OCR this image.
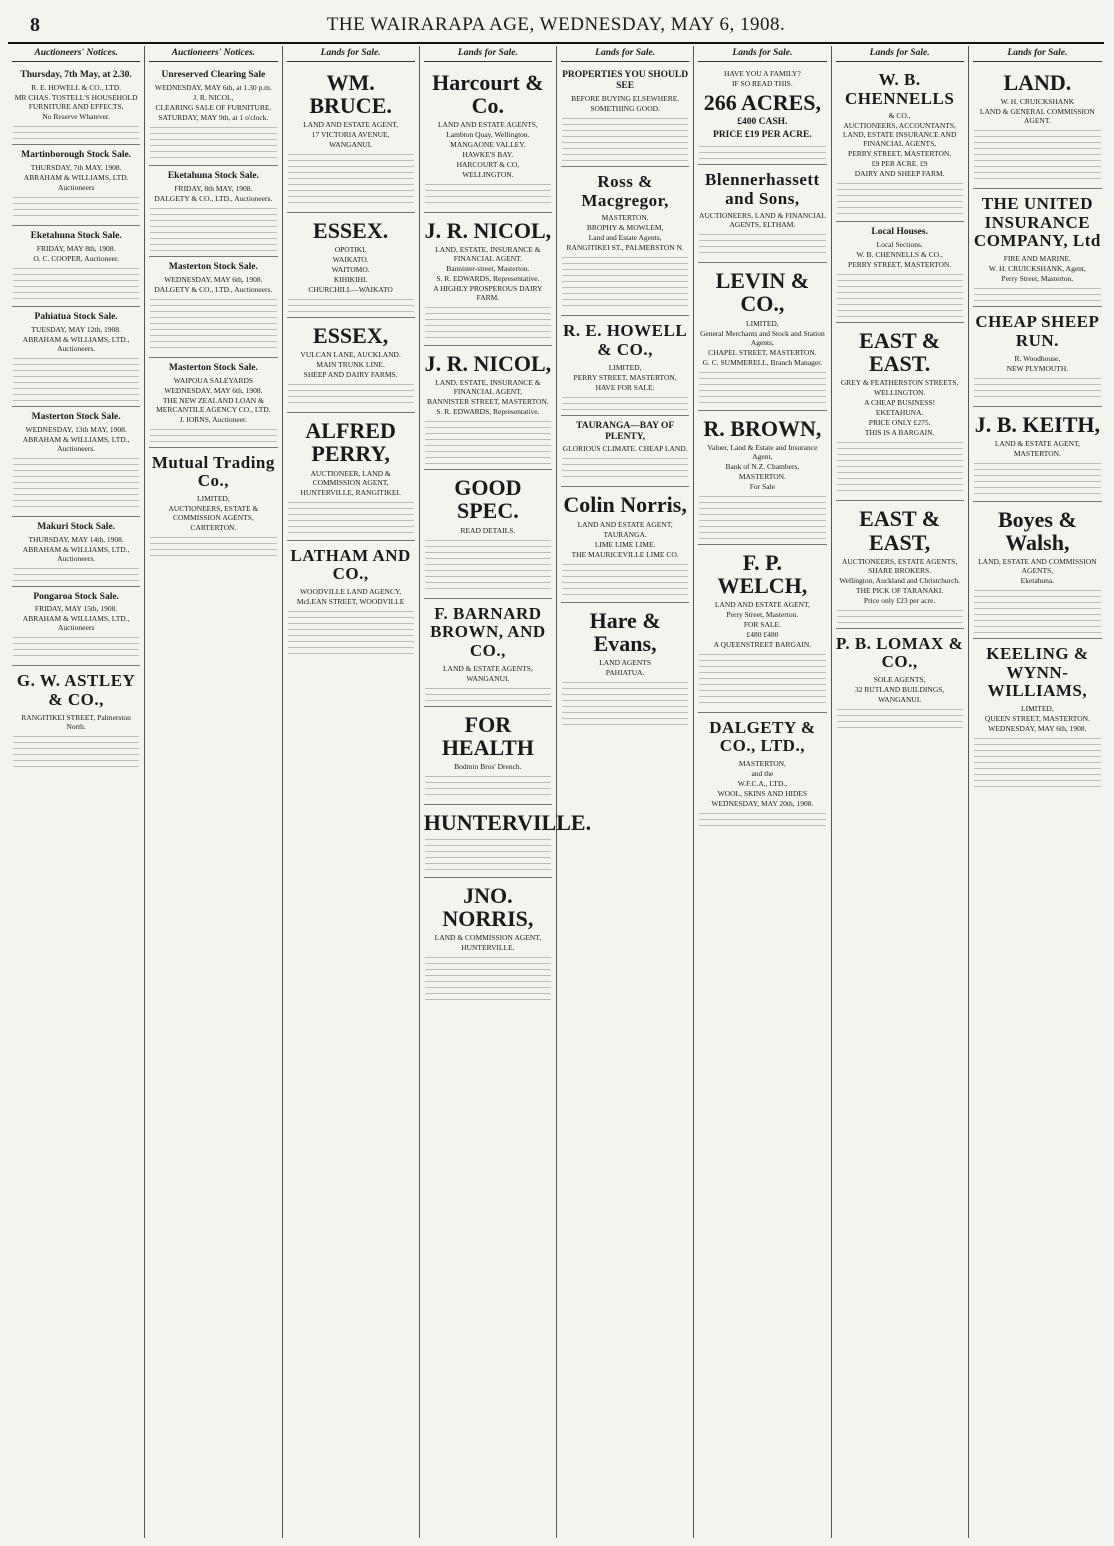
8	THE WAIRARAPA AGE, WEDNESDAY, MAY 6, 1908.
Auctioneers' Notices.
Thursday, 7th May, at 2.30.
R. E. HOWELL & CO., LTD.
MR CHAS. TOSTELL'S HOUSEHOLD FURNITURE AND EFFECTS,
No Reserve Whatever.
Martinborough Stock Sale.
THURSDAY, 7th MAY, 1908.
ABRAHAM & WILLIAMS, LTD.
Auctioneers
Eketahuna Stock Sale.
FRIDAY, MAY 8th, 1908.
O. C. COOPER, Auctioneer.
Pahiatua Stock Sale.
TUESDAY, MAY 12th, 1908.
ABRAHAM & WILLIAMS, LTD., Auctioneers.
Masterton Stock Sale.
WEDNESDAY, 13th MAY, 1908.
ABRAHAM & WILLIAMS, LTD., Auctioneers.
Makuri Stock Sale.
THURSDAY, MAY 14th, 1908.
ABRAHAM & WILLIAMS, LTD., Auctioneers.
Pongaroa Stock Sale.
FRIDAY, MAY 15th, 1908.
ABRAHAM & WILLIAMS, LTD., Auctioneers
G. W. ASTLEY & CO.,
RANGITIKEI STREET, Palmerston North.
Auctioneers' Notices.
Unreserved Clearing Sale
WEDNESDAY, MAY 6th, at 1.30 p.m.
J. R. NICOL,
CLEARING SALE OF FURNITURE.
SATURDAY, MAY 9th, at 1 o'clock.
Eketahuna Stock Sale.
FRIDAY, 8th MAY, 1908.
DALGETY & CO., LTD., Auctioneers.
Masterton Stock Sale.
WEDNESDAY, MAY 6th, 1908.
DALGETY & CO., LTD., Auctioneers.
Masterton Stock Sale.
WAIPOUA SALEYARDS
WEDNESDAY, MAY 6th, 1908.
THE NEW ZEALAND LOAN & MERCANTILE AGENCY CO., LTD.
J. IORNS, Auctioneer.
Mutual Trading Co.,
LIMITED,
AUCTIONEERS, ESTATE & COMMISSION AGENTS,
CARTERTON.
Lands for Sale.
WM. BRUCE.
LAND AND ESTATE AGENT,
17 VICTORIA AVENUE,
WANGANUI.
ESSEX.
OPOTIKI.
WAIKATO.
WAITOMO.
KIHIKIHI.
CHURCHILL—WAIKATO
ESSEX,
VULCAN LANE, AUCKLAND.
MAIN TRUNK LINE.
SHEEP AND DAIRY FARMS.
ALFRED PERRY,
AUCTIONEER, LAND & COMMISSION AGENT,
HUNTERVILLE, RANGITIKEI.
LATHAM AND CO.,
WOODVILLE LAND AGENCY,
McLEAN STREET, WOODVILLE
Lands for Sale.
Harcourt & Co.
LAND AND ESTATE AGENTS,
Lambton Quay, Wellington.
MANGAONE VALLEY.
HAWKE'S BAY.
HARCOURT & CO,
WELLINGTON.
J. R. NICOL,
LAND, ESTATE, INSURANCE & FINANCIAL AGENT.
Bannister-street, Masterton.
S. R. EDWARDS, Representative.
A HIGHLY PROSPEROUS DAIRY FARM.
J. R. NICOL,
LAND, ESTATE, INSURANCE & FINANCIAL AGENT,
BANNISTER STREET, MASTERTON.
S. R. EDWARDS, Representative.
GOOD SPEC.
READ DETAILS.
F. BARNARD BROWN, AND CO.,
LAND & ESTATE AGENTS,
WANGANUI.
FOR HEALTH
Bodmin Bros' Drench.
HUNTERVILLE.
JNO. NORRIS,
LAND & COMMISSION AGENT,
HUNTERVILLE.
Lands for Sale.
PROPERTIES YOU SHOULD SEE
BEFORE BUYING ELSEWHERE.
SOMETHING GOOD.
Ross & Macgregor,
MASTERTON.
BROPHY & MOWLEM,
Land and Estate Agents,
RANGITIKEI ST., PALMERSTON N.
R. E. HOWELL & CO.,
LIMITED,
PERRY STREET, MASTERTON,
HAVE FOR SALE:
TAURANGA—BAY OF PLENTY,
GLORIOUS CLIMATE. CHEAP LAND.
Colin Norris,
LAND AND ESTATE AGENT,
TAURANGA.
LIME LIME LIME.
THE MAURICEVILLE LIME CO.
Hare & Evans,
LAND AGENTS
PAHIATUA.
Lands for Sale.
HAVE YOU A FAMILY?
IF SO READ THIS.
266 ACRES,
£400 CASH.
PRICE £19 PER ACRE.
Blennerhassett and Sons,
AUCTIONEERS, LAND & FINANCIAL AGENTS, ELTHAM.
LEVIN & CO.,
LIMITED,
General Merchants and Stock and Station Agents,
CHAPEL STREET, MASTERTON.
G. C. SUMMERELL, Branch Manager.
R. BROWN,
Valuer, Land & Estate and Insurance Agent,
Bank of N.Z. Chambers,
MASTERTON.
For Sale
F. P. WELCH,
LAND AND ESTATE AGENT,
Perry Street, Masterton.
FOR SALE.
£480 £480
A QUEENSTREET BARGAIN.
DALGETY & CO., LTD.,
MASTERTON,
and the
W.F.C.A., LTD.,
WOOL, SKINS AND HIDES
WEDNESDAY, MAY 20th, 1908.
Lands for Sale.
W. B. CHENNELLS
& CO.,
AUCTIONEERS, ACCOUNTANTS, LAND, ESTATE INSURANCE AND FINANCIAL AGENTS,
PERRY STREET, MASTERTON.
£9 PER ACRE. £9
DAIRY AND SHEEP FARM.
Local Houses.
Local Sections.
W. B. CHENNELLS & CO.,
PERRY STREET, MASTERTON.
EAST & EAST.
GREY & FEATHERSTON STREETS,
WELLINGTON.
A CHEAP BUSINESS!
EKETAHUNA.
PRICE ONLY £275.
THIS IS A BARGAIN.
EAST & EAST,
AUCTIONEERS, ESTATE AGENTS, SHARE BROKERS.
Wellington, Auckland and Christchurch.
THE PICK OF TARANAKI.
Price only £23 per acre.
P. B. LOMAX & CO.,
SOLE AGENTS,
32 RUTLAND BUILDINGS,
WANGANUI.
Lands for Sale.
LAND.
W. H. CRUICKSHANK
LAND & GENERAL COMMISSION AGENT.
THE UNITED INSURANCE COMPANY, Ltd
FIRE AND MARINE.
W. H. CRUICKSHANK, Agent,
Perry Street, Masterton.
CHEAP SHEEP RUN.
R. Woodhouse,
NEW PLYMOUTH.
J. B. KEITH,
LAND & ESTATE AGENT,
MASTERTON.
Boyes & Walsh,
LAND, ESTATE AND COMMISSION AGENTS,
Eketahuna.
KEELING & WYNN-WILLIAMS,
LIMITED,
QUEEN STREET, MASTERTON.
WEDNESDAY, MAY 6th, 1908.
